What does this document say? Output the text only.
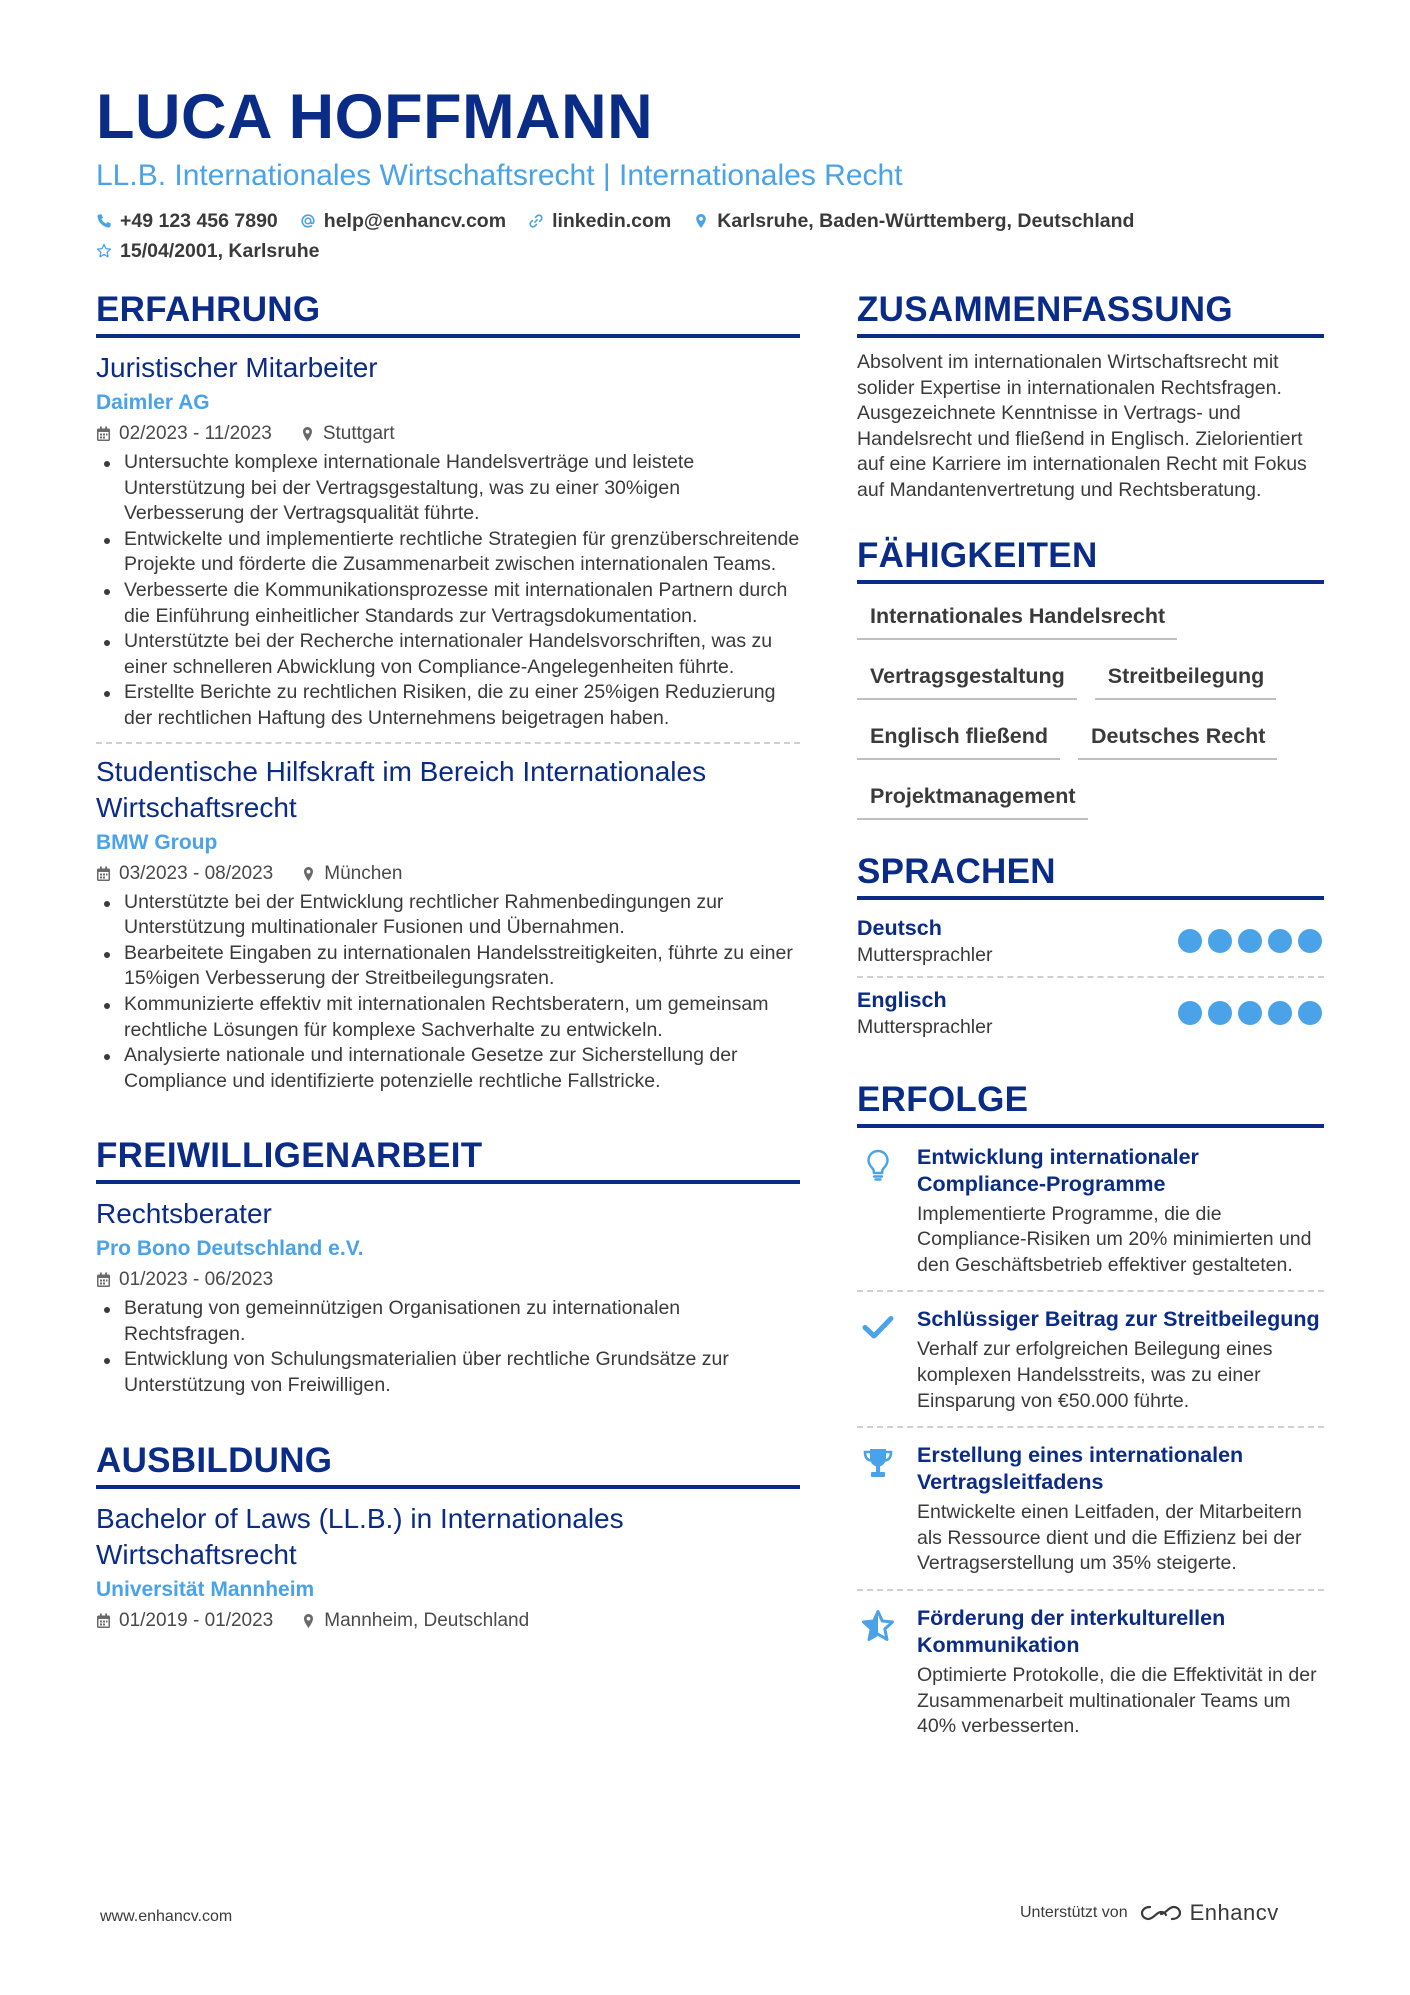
LUCA HOFFMANN
LL.B. Internationales Wirtschaftsrecht | Internationales Recht
+49 123 456 7890 help@enhancv.com linkedin.com Karlsruhe, Baden-Württemberg, Deutschland
15/04/2001, Karlsruhe
ERFAHRUNG
Juristischer Mitarbeiter
Daimler AG
02/2023 - 11/2023	Stuttgart
Untersuchte komplexe internationale Handelsverträge und leistete Unterstützung bei der Vertragsgestaltung, was zu einer 30%igen Verbesserung der Vertragsqualität führte.
Entwickelte und implementierte rechtliche Strategien für grenzüberschreitende Projekte und förderte die Zusammenarbeit zwischen internationalen Teams.
Verbesserte die Kommunikationsprozesse mit internationalen Partnern durch die Einführung einheitlicher Standards zur Vertragsdokumentation.
Unterstützte bei der Recherche internationaler Handelsvorschriften, was zu einer schnelleren Abwicklung von Compliance-Angelegenheiten führte.
Erstellte Berichte zu rechtlichen Risiken, die zu einer 25%igen Reduzierung der rechtlichen Haftung des Unternehmens beigetragen haben.
Studentische Hilfskraft im Bereich Internationales Wirtschaftsrecht
BMW Group
03/2023 - 08/2023	München
Unterstützte bei der Entwicklung rechtlicher Rahmenbedingungen zur Unterstützung multinationaler Fusionen und Übernahmen.
Bearbeitete Eingaben zu internationalen Handelsstreitigkeiten, führte zu einer 15%igen Verbesserung der Streitbeilegungsraten.
Kommunizierte effektiv mit internationalen Rechtsberatern, um gemeinsam rechtliche Lösungen für komplexe Sachverhalte zu entwickeln.
Analysierte nationale und internationale Gesetze zur Sicherstellung der Compliance und identifizierte potenzielle rechtliche Fallstricke.
FREIWILLIGENARBEIT
Rechtsberater
Pro Bono Deutschland e.V.
01/2023 - 06/2023
Beratung von gemeinnützigen Organisationen zu internationalen Rechtsfragen.
Entwicklung von Schulungsmaterialien über rechtliche Grundsätze zur Unterstützung von Freiwilligen.
AUSBILDUNG
Bachelor of Laws (LL.B.) in Internationales Wirtschaftsrecht
Universität Mannheim
01/2019 - 01/2023	Mannheim, Deutschland
ZUSAMMENFASSUNG
Absolvent im internationalen Wirtschaftsrecht mit solider Expertise in internationalen Rechtsfragen. Ausgezeichnete Kenntnisse in Vertrags- und Handelsrecht und fließend in Englisch. Zielorientiert auf eine Karriere im internationalen Recht mit Fokus auf Mandantenvertretung und Rechtsberatung.
FÄHIGKEITEN
Internationales Handelsrecht
Vertragsgestaltung	Streitbeilegung
Englisch fließend	Deutsches Recht
Projektmanagement
SPRACHEN
Deutsch
Muttersprachler
Englisch
Muttersprachler
ERFOLGE
Entwicklung internationaler Compliance-Programme
Implementierte Programme, die die Compliance-Risiken um 20% minimierten und den Geschäftsbetrieb effektiver gestalteten.
Schlüssiger Beitrag zur Streitbeilegung
Verhalf zur erfolgreichen Beilegung eines komplexen Handelsstreits, was zu einer Einsparung von €50.000 führte.
Erstellung eines internationalen Vertragsleitfadens
Entwickelte einen Leitfaden, der Mitarbeitern als Ressource dient und die Effizienz bei der Vertragserstellung um 35% steigerte.
Förderung der interkulturellen Kommunikation
Optimierte Protokolle, die die Effektivität in der Zusammenarbeit multinationaler Teams um 40% verbesserten.
www.enhancv.com	Unterstützt von	Enhancv
